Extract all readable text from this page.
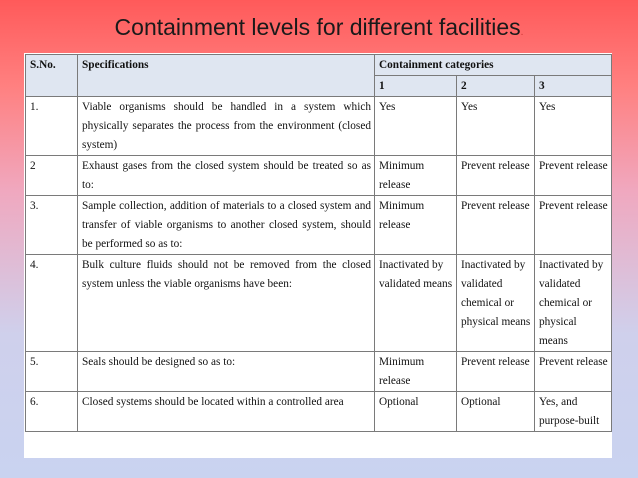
Containment levels for different facilities.
S.No.	Specifications	Containment categories		
		1	2	3
1.	Viable organisms should be handled in a system which physically separates the process from the environment (closed system)	Yes	Yes	Yes
2	Exhaust gases from the closed system should be treated so as to:	Minimum release	Prevent release	Prevent release
3.	Sample collection, addition of materials to a closed system and transfer of viable organisms to another closed system, should be performed so as to:	Minimum release	Prevent release	Prevent release
4.	Bulk culture fluids should not be removed from the closed system unless the viable organisms have been:	Inactivated by validated means	Inactivated by validated chemical or physical means	Inactivated by validated chemical or physical means
5.	Seals should be designed so as to:	Minimum release	Prevent release	Prevent release
6.	Closed systems should be located within a controlled area	Optional	Optional	Yes, and purpose-built
